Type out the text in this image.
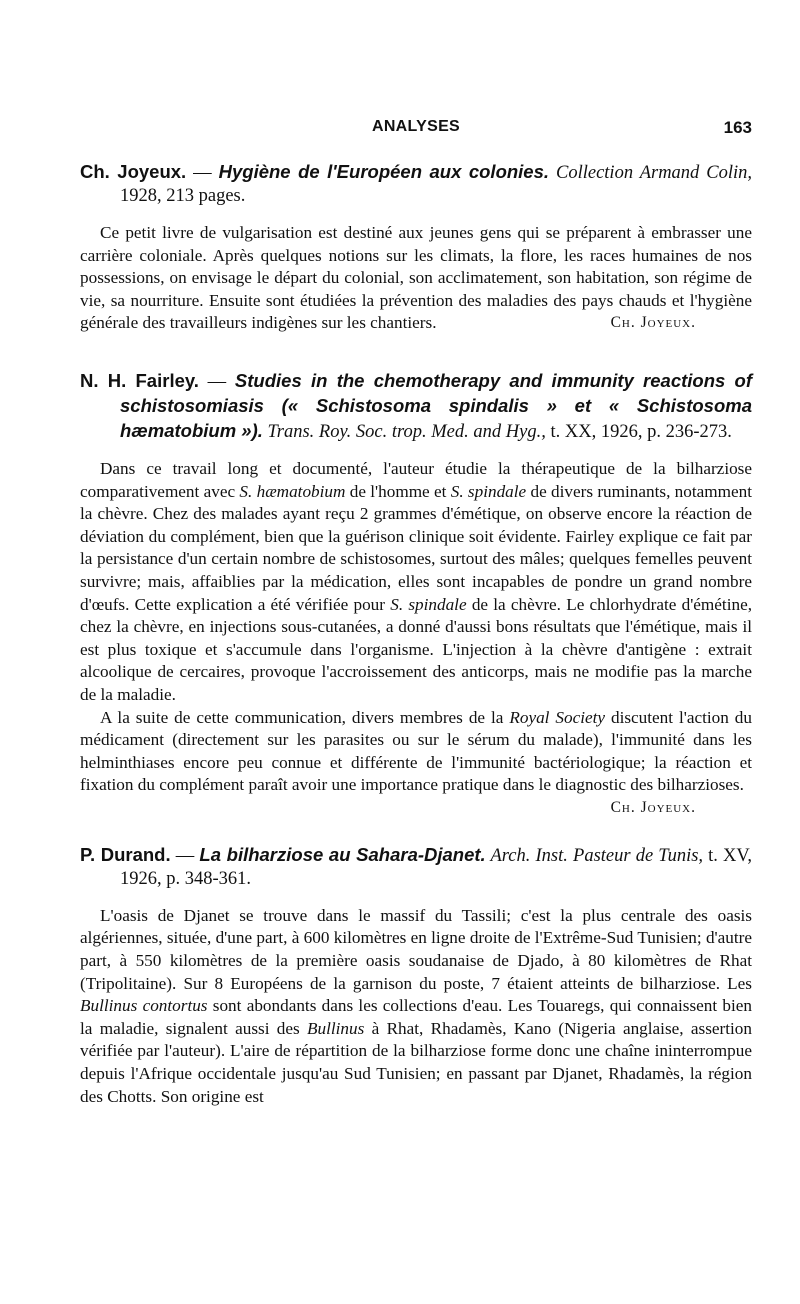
ANALYSES	163

Ch. Joyeux. — Hygiène de l'Européen aux colonies. Collection Armand Colin, 1928, 213 pages.

Ce petit livre de vulgarisation est destiné aux jeunes gens qui se préparent à embrasser une carrière coloniale. Après quelques notions sur les climats, la flore, les races humaines de nos possessions, on envisage le départ du colonial, son acclimatement, son habitation, son régime de vie, sa nourriture. Ensuite sont étudiées la prévention des maladies des pays chauds et l'hygiène générale des travailleurs indigènes sur les chantiers.	Ch. Joyeux.

N. H. Fairley. — Studies in the chemotherapy and immunity reactions of schistosomiasis (« Schistosoma spindalis » et « Schistosoma hæmatobium »). Trans. Roy. Soc. trop. Med. and Hyg., t. XX, 1926, p. 236-273.

Dans ce travail long et documenté, l'auteur étudie la thérapeutique de la bilharziose comparativement avec S. hæmatobium de l'homme et S. spindale de divers ruminants, notamment la chèvre. Chez des malades ayant reçu 2 grammes d'émétique, on observe encore la réaction de déviation du complément, bien que la guérison clinique soit évidente. Fairley explique ce fait par la persistance d'un certain nombre de schistosomes, surtout des mâles; quelques femelles peuvent survivre; mais, affaiblies par la médication, elles sont incapables de pondre un grand nombre d'œufs. Cette explication a été vérifiée pour S. spindale de la chèvre. Le chlorhydrate d'émétine, chez la chèvre, en injections sous-cutanées, a donné d'aussi bons résultats que l'émétique, mais il est plus toxique et s'accumule dans l'organisme. L'injection à la chèvre d'antigène : extrait alcoolique de cercaires, provoque l'accroissement des anticorps, mais ne modifie pas la marche de la maladie.

A la suite de cette communication, divers membres de la Royal Society discutent l'action du médicament (directement sur les parasites ou sur le sérum du malade), l'immunité dans les helminthiases encore peu connue et différente de l'immunité bactériologique; la réaction et fixation du complément paraît avoir une importance pratique dans le diagnostic des bilharzioses.

Ch. Joyeux.

P. Durand. — La bilharziose au Sahara-Djanet. Arch. Inst. Pasteur de Tunis, t. XV, 1926, p. 348-361.

L'oasis de Djanet se trouve dans le massif du Tassili; c'est la plus centrale des oasis algériennes, située, d'une part, à 600 kilomètres en ligne droite de l'Extrême-Sud Tunisien; d'autre part, à 550 kilomètres de la première oasis soudanaise de Djado, à 80 kilomètres de Rhat (Tripolitaine). Sur 8 Européens de la garnison du poste, 7 étaient atteints de bilharziose. Les Bullinus contortus sont abondants dans les collections d'eau. Les Touaregs, qui connaissent bien la maladie, signalent aussi des Bullinus à Rhat, Rhadamès, Kano (Nigeria anglaise, assertion vérifiée par l'auteur). L'aire de répartition de la bilharziose forme donc une chaîne ininterrompue depuis l'Afrique occidentale jusqu'au Sud Tunisien; en passant par Djanet, Rhadamès, la région des Chotts. Son origine est
